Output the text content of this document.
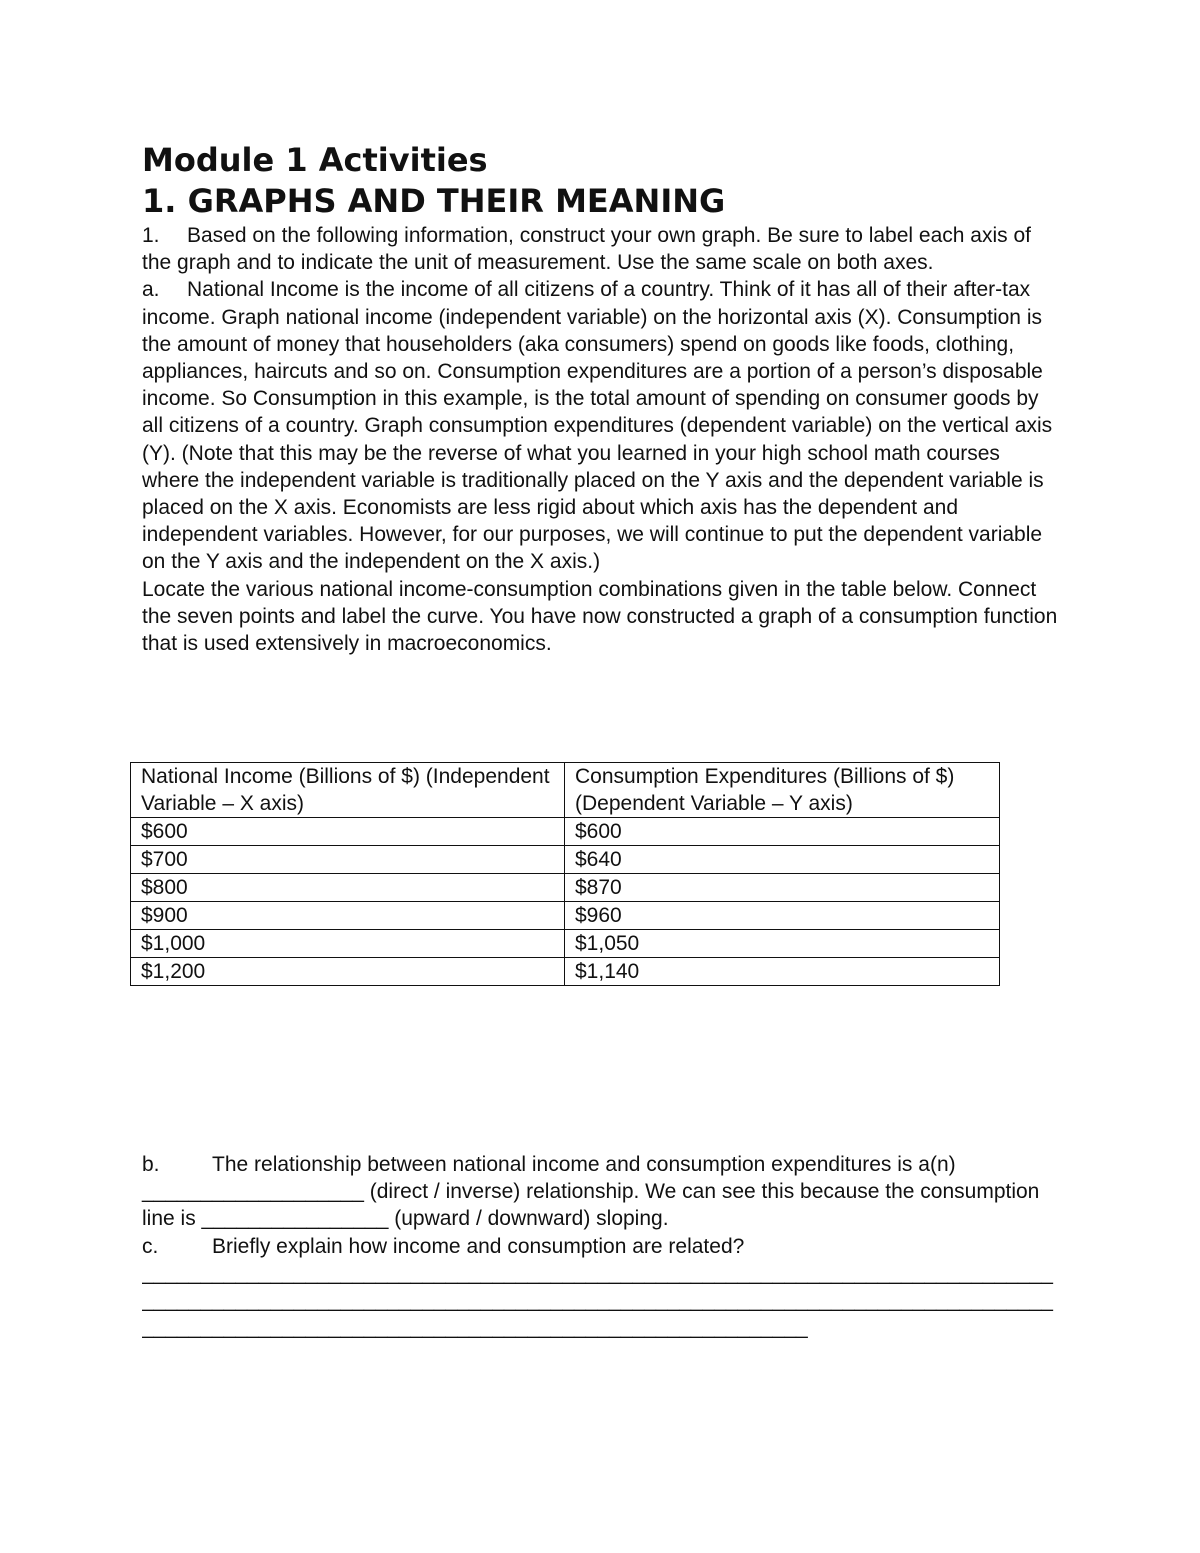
Module 1 Activities
1. GRAPHS AND THEIR MEANING

1. Based on the following information, construct your own graph. Be sure to label each axis of the graph and to indicate the unit of measurement. Use the same scale on both axes.

a. National Income is the income of all citizens of a country. Think of it has all of their after-tax income. Graph national income (independent variable) on the horizontal axis (X). Consumption is the amount of money that householders (aka consumers) spend on goods like foods, clothing, appliances, haircuts and so on. Consumption expenditures are a portion of a person’s disposable income. So Consumption in this example, is the total amount of spending on consumer goods by all citizens of a country. Graph consumption expenditures (dependent variable) on the vertical axis (Y). (Note that this may be the reverse of what you learned in your high school math courses where the independent variable is traditionally placed on the Y axis and the dependent variable is placed on the X axis. Economists are less rigid about which axis has the dependent and independent variables. However, for our purposes, we will continue to put the dependent variable on the Y axis and the independent on the X axis.)

Locate the various national income-consumption combinations given in the table below. Connect the seven points and label the curve. You have now constructed a graph of a consumption function that is used extensively in macroeconomics.

National Income (Billions of $) (Independent Variable – X axis)	Consumption Expenditures (Billions of $) (Dependent Variable – Y axis)
$600	$600
$700	$640
$800	$870
$900	$960
$1,000	$1,050
$1,200	$1,140

b. The relationship between national income and consumption expenditures is a(n)
___________________ (direct / inverse) relationship. We can see this because the consumption line is ________________ (upward / downward) sloping.

c.	Briefly explain how income and consumption are related?

______________________________________________________________________________
______________________________________________________________________________
_________________________________________________________
